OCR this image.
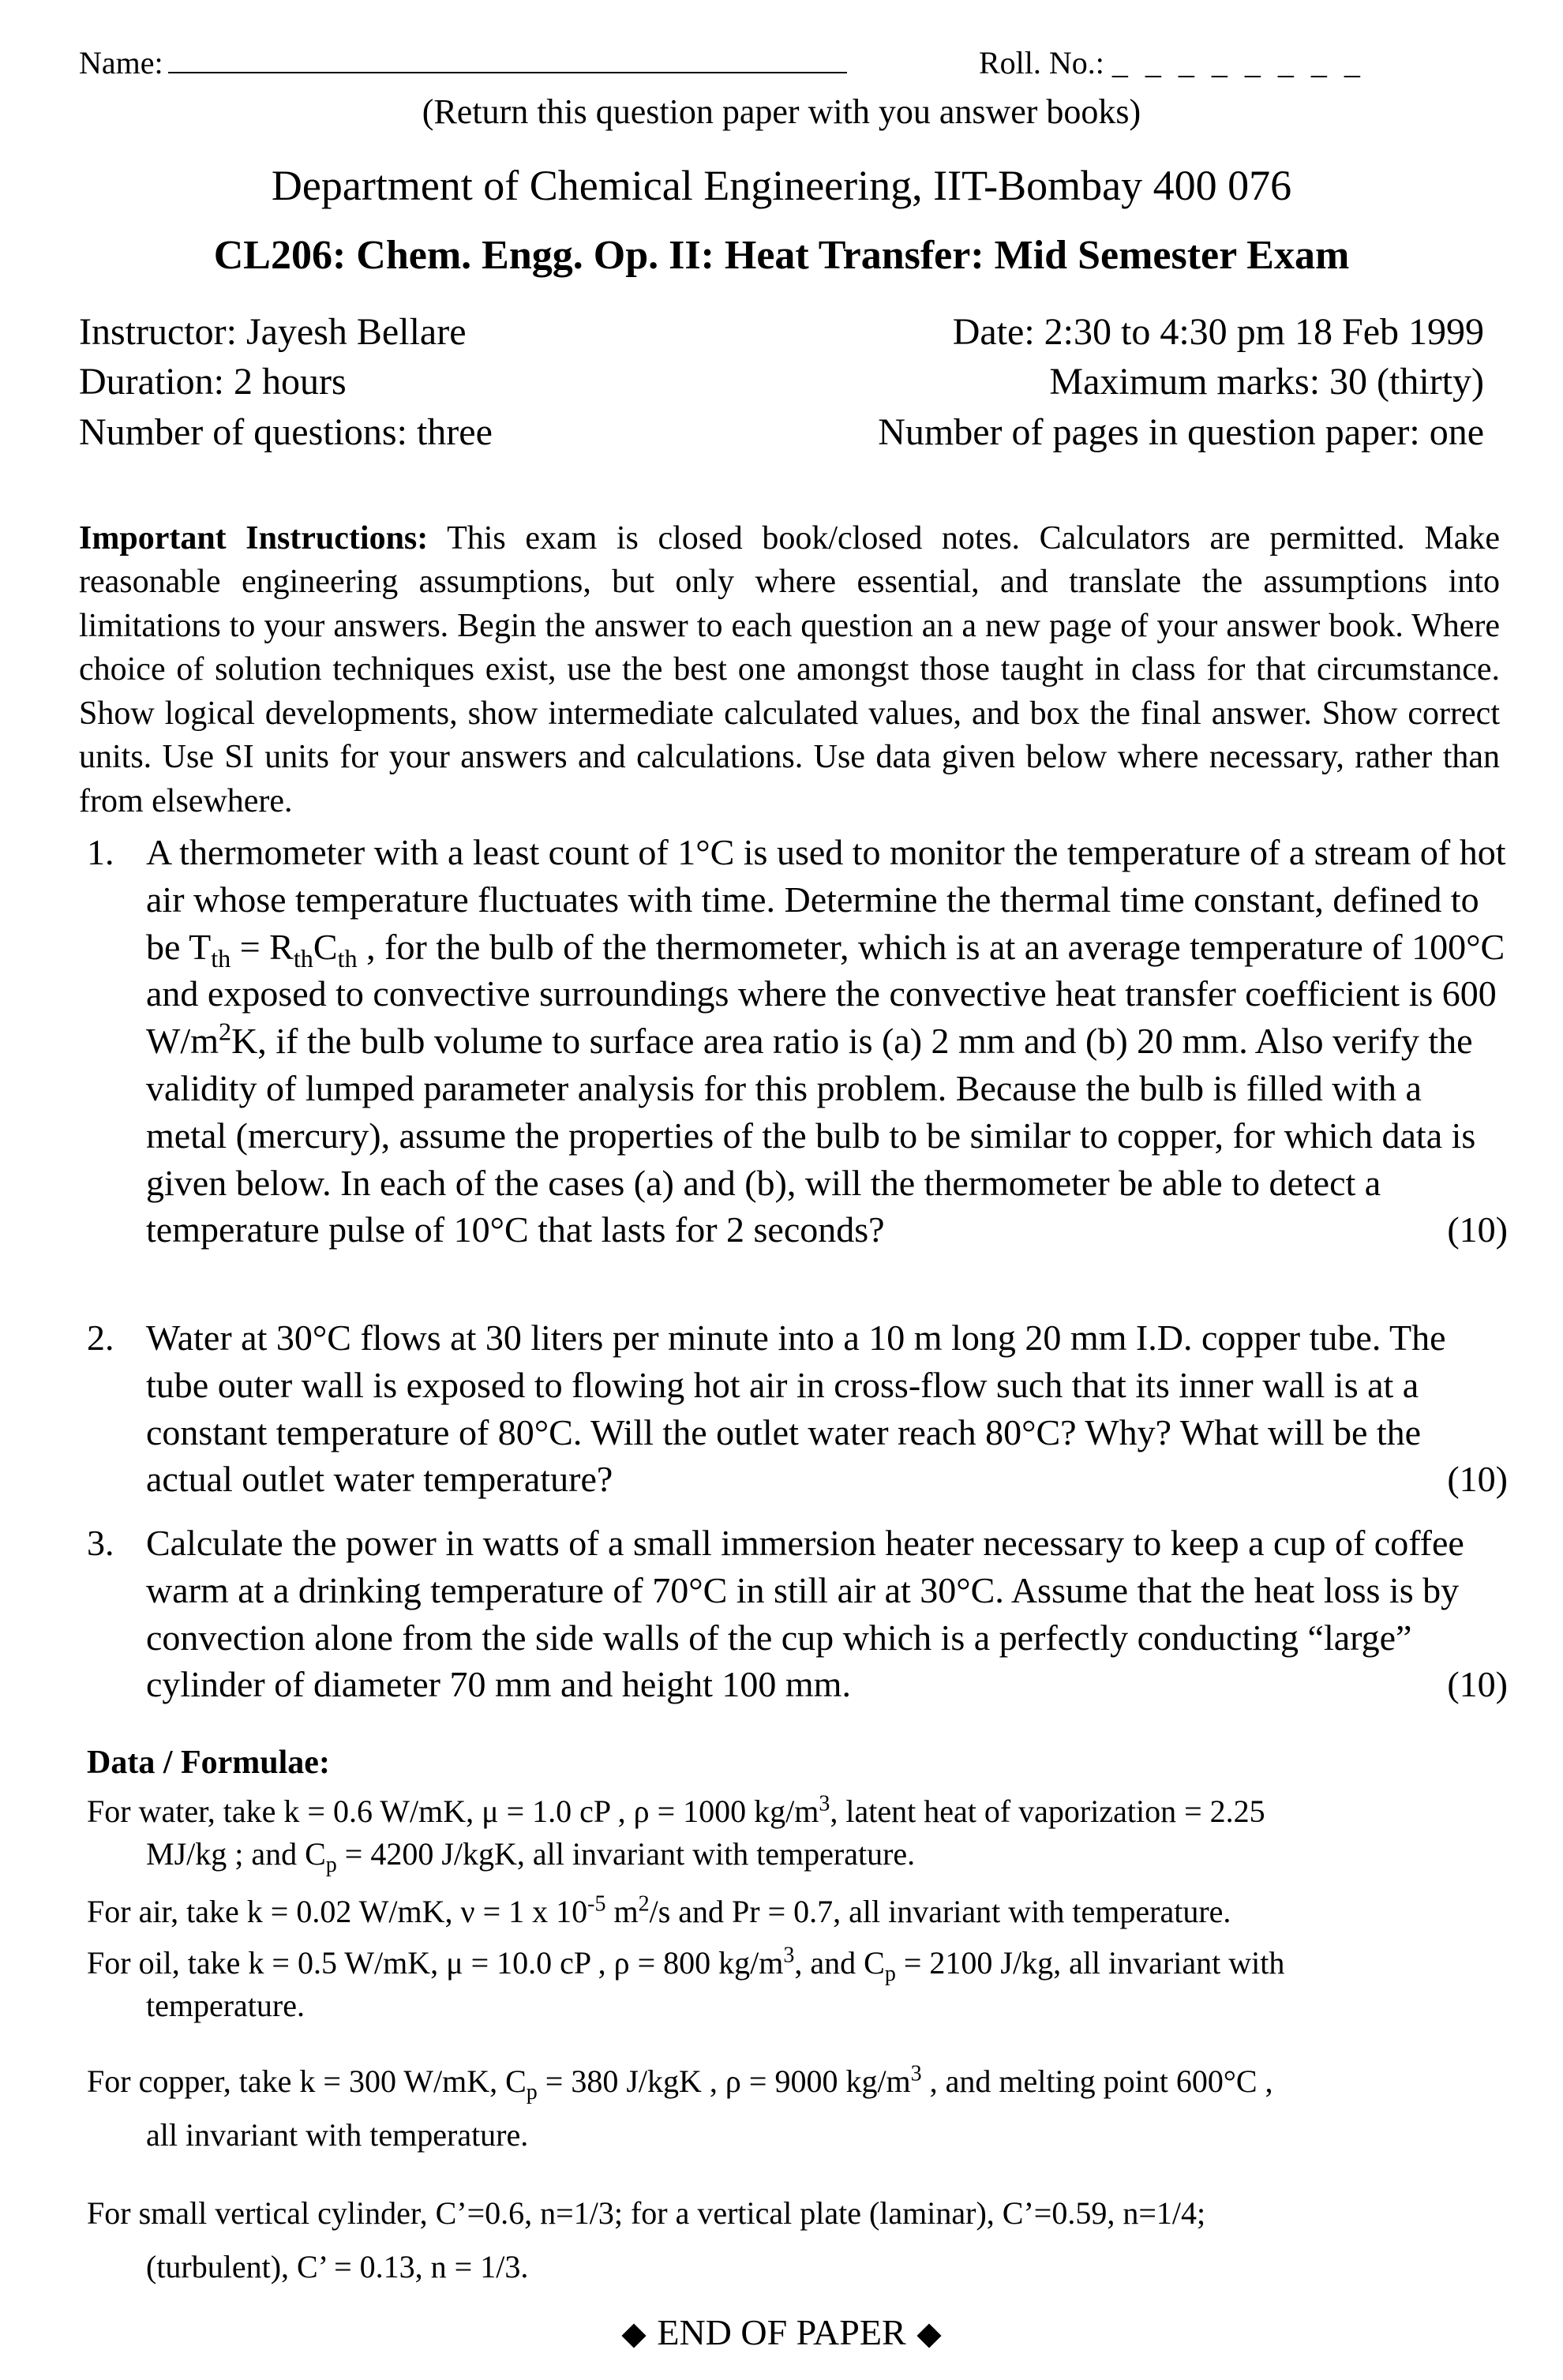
Name:	Roll. No.: _ _ _ _ _ _ _ _
(Return this question paper with you answer books)
Department of Chemical Engineering, IIT-Bombay 400 076
CL206: Chem. Engg. Op. II: Heat Transfer: Mid Semester Exam
Instructor: Jayesh Bellare
Duration: 2 hours
Number of questions: three
Date: 2:30 to 4:30 pm 18 Feb 1999
Maximum marks: 30 (thirty)
Number of pages in question paper: one
Important Instructions: This exam is closed book/closed notes. Calculators are permitted. Make reasonable engineering assumptions, but only where essential, and translate the assumptions into limitations to your answers. Begin the answer to each question an a new page of your answer book. Where choice of solution techniques exist, use the best one amongst those taught in class for that circumstance. Show logical developments, show intermediate calculated values, and box the final answer. Show correct units. Use SI units for your answers and calculations. Use data given below where necessary, rather than from elsewhere.
1. A thermometer with a least count of 1°C is used to monitor the temperature of a stream of hot air whose temperature fluctuates with time. Determine the thermal time constant, defined to be $T_{th} = R_{th}C_{th}$ , for the bulb of the thermometer, which is at an average temperature of 100°C and exposed to convective surroundings where the convective heat transfer coefficient is 600 $W/m^2K$, if the bulb volume to surface area ratio is (a) 2 mm and (b) 20 mm. Also verify the validity of lumped parameter analysis for this problem. Because the bulb is filled with a metal (mercury), assume the properties of the bulb to be similar to copper, for which data is given below. In each of the cases (a) and (b), will the thermometer be able to detect a temperature pulse of 10°C that lasts for 2 seconds?	(10)
2. Water at 30°C flows at 30 liters per minute into a 10 m long 20 mm I.D. copper tube. The tube outer wall is exposed to flowing hot air in cross-flow such that its inner wall is at a constant temperature of 80°C. Will the outlet water reach 80°C? Why? What will be the actual outlet water temperature?	(10)
3. Calculate the power in watts of a small immersion heater necessary to keep a cup of coffee warm at a drinking temperature of 70°C in still air at 30°C. Assume that the heat loss is by convection alone from the side walls of the cup which is a perfectly conducting “large” cylinder of diameter 70 mm and height 100 mm.	(10)
Data / Formulae:
For water, take k = 0.6 W/mK, μ = 1.0 cP , ρ = 1000 $kg/m^3$, latent heat of vaporization = 2.25
MJ/kg ; and $C_p = 4200$ J/kgK, all invariant with temperature.
For air, take k = 0.02 W/mK, ν = 1 x $10^{-5}$ $m^2/s$ and Pr = 0.7, all invariant with temperature.
For oil, take k = 0.5 W/mK, μ = 10.0 cP , ρ = 800 $kg/m^3$, and $C_p = 2100$ J/kg, all invariant with
temperature.
For copper, take k = 300 W/mK, $C_p = 380$ J/kgK , ρ = 9000 $kg/m^3$ , and melting point 600°C ,
all invariant with temperature.
For small vertical cylinder, C’=0.6, n=1/3; for a vertical plate (laminar), C’=0.59, n=1/4;
(turbulent), C’ = 0.13, n = 1/3.
END OF PAPER
